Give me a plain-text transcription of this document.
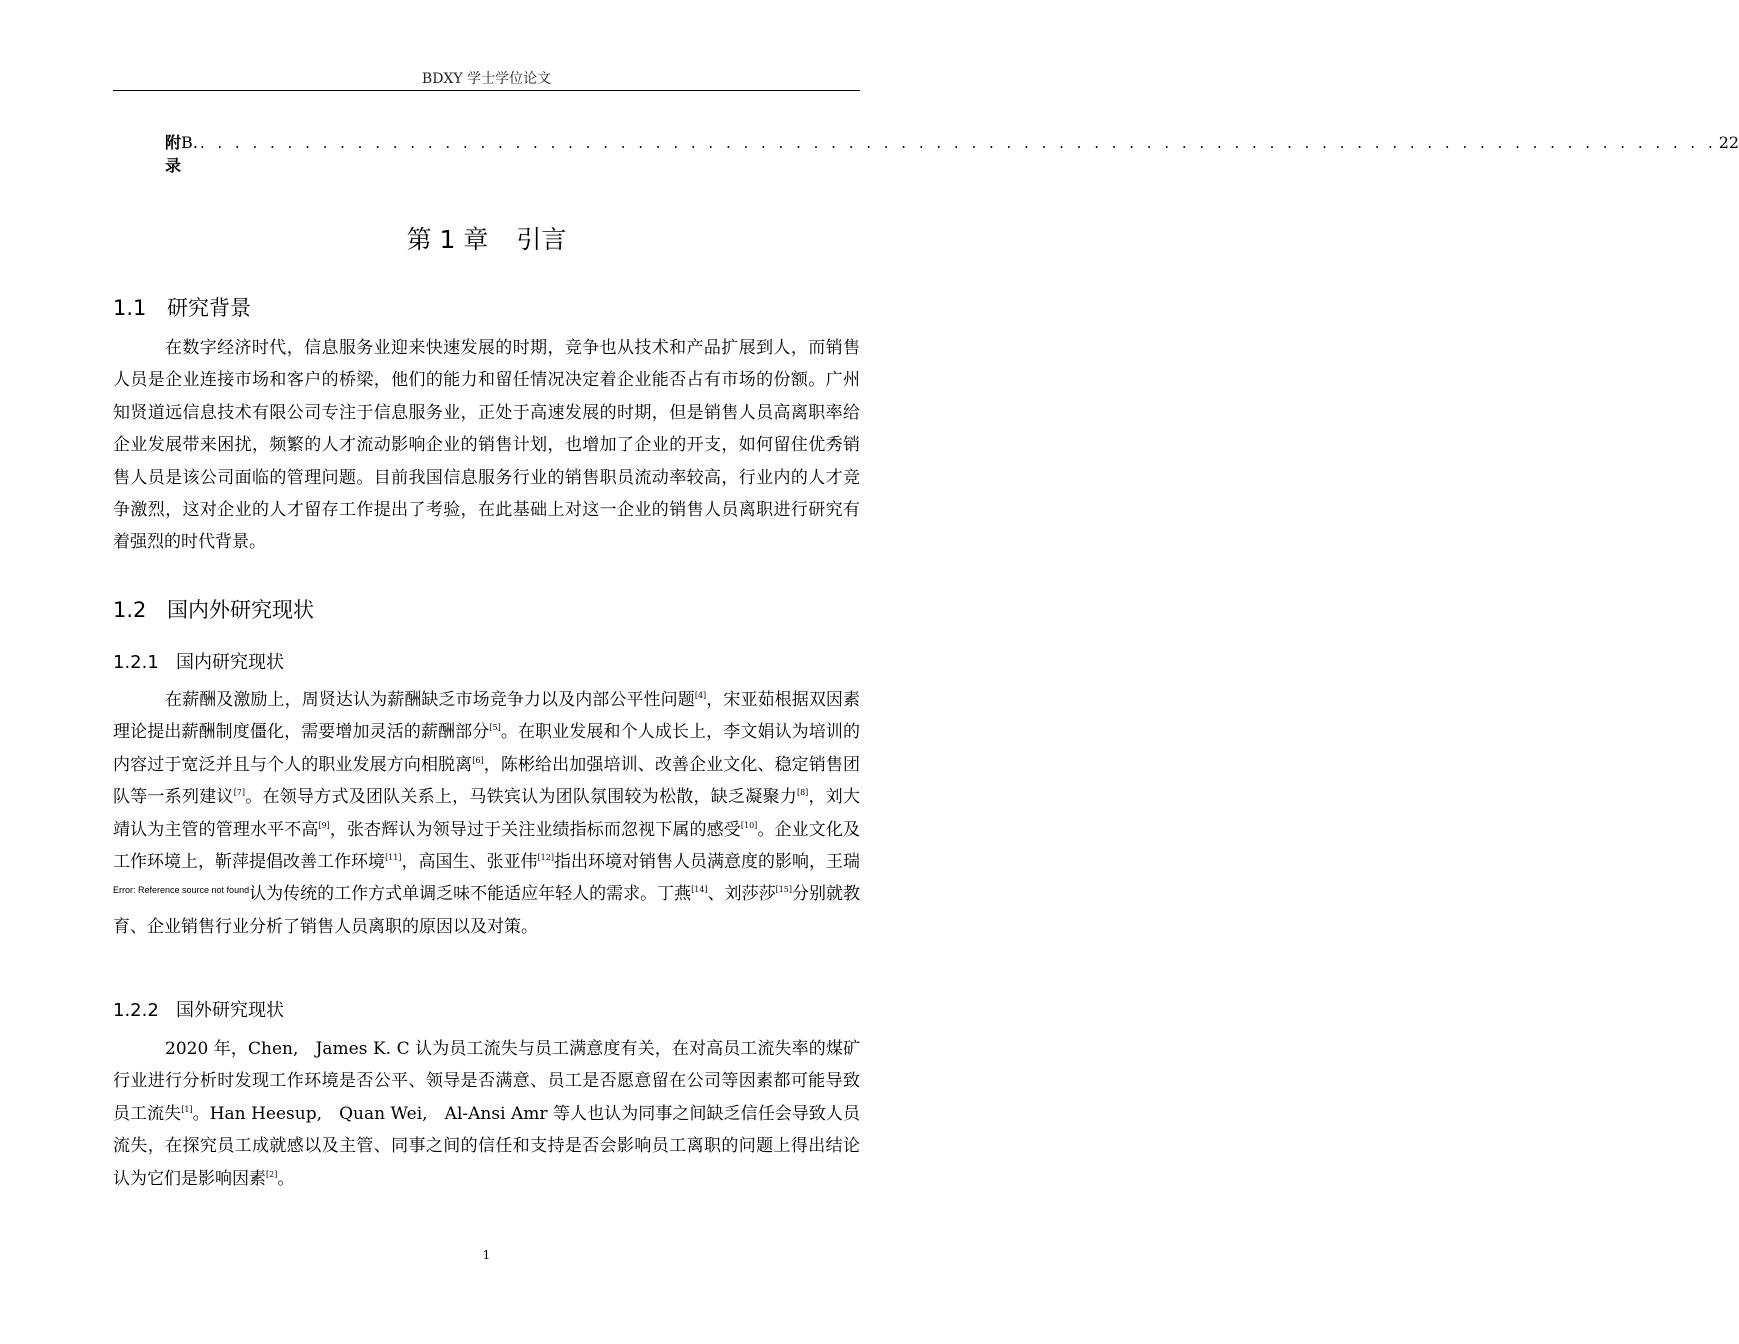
BDXY 学士学位论文
附录
B. . . . . . . . . . . . . . . . . . . . . . . . . . . . . . . . . . . . . . . . . . . . . . . . . . . . . . . . . . . . . . . . . . . . . . . . . . . . . . . . . . . . . . . . 22
第 1 章 引言
1.1 研究背景

在数字经济时代，信息服务业迎来快速发展的时期，竞争也从技术和产品扩展到人，而销售人员是企业连接市场和客户的桥梁，他们的能力和留任情况决定着企业能否占有市场的份额。广州知贤道远信息技术有限公司专注于信息服务业，正处于高速发展的时期，但是销售人员高离职率给企业发展带来困扰，频繁的人才流动影响企业的销售计划，也增加了企业的开支，如何留住优秀销售人员是该公司面临的管理问题。目前我国信息服务行业的销售职员流动率较高，行业内的人才竞争激烈，这对企业的人才留存工作提出了考验，在此基础上对这一企业的销售人员离职进行研究有着强烈的时代背景。

1.2 国内外研究现状
1.2.1 国内研究现状

在薪酬及激励上，周贤达认为薪酬缺乏市场竞争力以及内部公平性问题[4]，宋亚茹根据双因素理论提出薪酬制度僵化，需要增加灵活的薪酬部分[5]。在职业发展和个人成长上，李文娟认为培训的内容过于宽泛并且与个人的职业发展方向相脱离[6]，陈彬给出加强培训、改善企业文化、稳定销售团队等一系列建议[7]。在领导方式及团队关系上，马铁宾认为团队氛围较为松散，缺乏凝聚力[8]，刘大靖认为主管的管理水平不高[9]，张杏辉认为领导过于关注业绩指标而忽视下属的感受[10]。企业文化及工作环境上，靳萍提倡改善工作环境[11]，高国生、张亚伟[12]指出环境对销售人员满意度的影响，王瑞$^{Error: Reference source not found}$认为传统的工作方式单调乏味不能适应年轻人的需求。丁燕[14]、刘莎莎[15]分别就教育、企业销售行业分析了销售人员离职的原因以及对策。

1.2.2 国外研究现状

2020 年，Chen,　James K. C 认为员工流失与员工满意度有关，在对高员工流失率的煤矿行业进行分析时发现工作环境是否公平、领导是否满意、员工是否愿意留在公司等因素都可能导致员工流失[1]。Han Heesup,　Quan Wei,　Al-Ansi Amr 等人也认为同事之间缺乏信任会导致人员流失，在探究员工成就感以及主管、同事之间的信任和支持是否会影响员工离职的问题上得出结论认为它们是影响因素[2]。

1
